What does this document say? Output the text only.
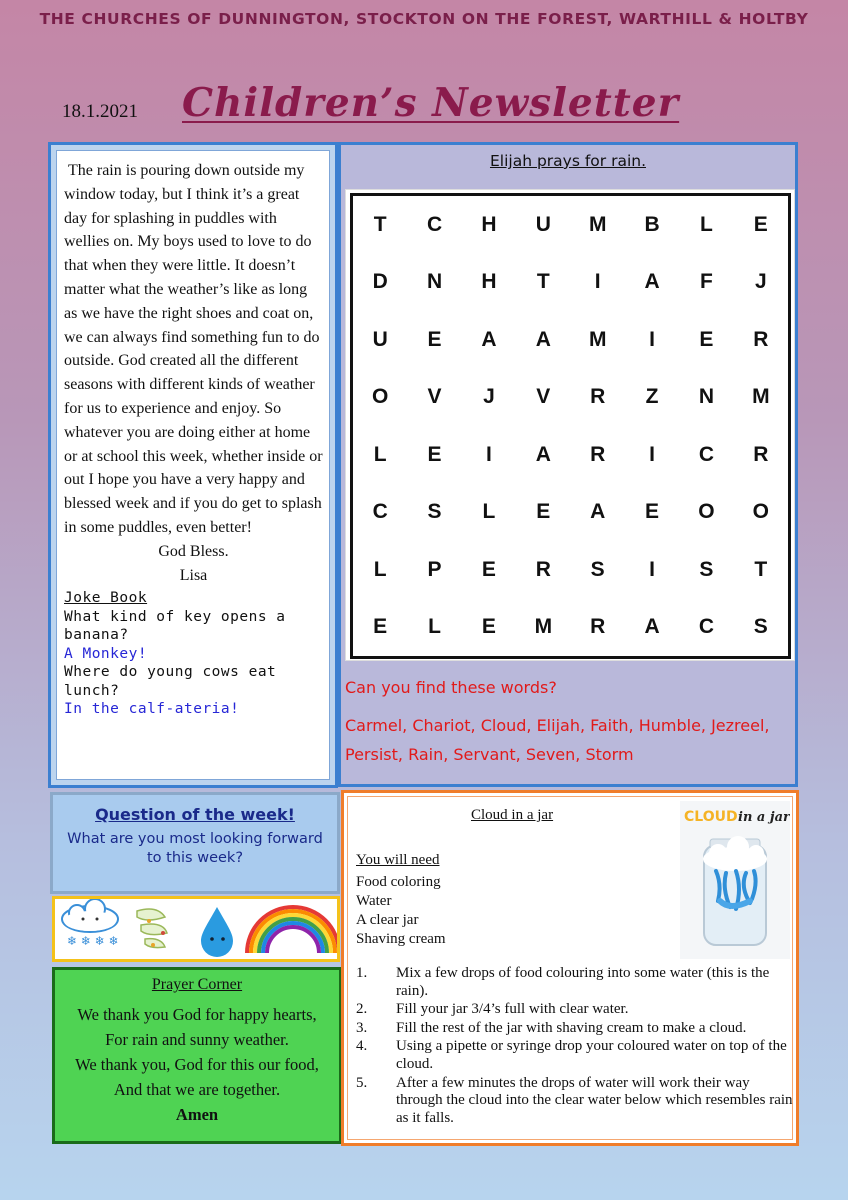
THE CHURCHES OF DUNNINGTON, STOCKTON ON THE FOREST, WARTHILL & HOLTBY
18.1.2021 Children’s Newsletter

The rain is pouring down outside my window today, but I think it’s a great day for splashing in puddles with wellies on. My boys used to love to do that when they were little. It doesn’t matter what the weather’s like as long as we have the right shoes and coat on, we can always find something fun to do outside. God created all the different seasons with different kinds of weather for us to experience and enjoy. So whatever you are doing either at home or at school this week, whether inside or out I hope you have a very happy and blessed week and if you do get to splash in some puddles, even better!

God Bless.
Lisa
Joke Book
What kind of key opens a banana?
A Monkey!
Where do young cows eat lunch?
In the calf-ateria!
Elijah prays for rain.
T	C	H	U	M	B	L	E
D	N	H	T	I	A	F	J
U	E	A	A	M	I	E	R
O	V	J	V	R	Z	N	M
L	E	I	A	R	I	C	R
C	S	L	E	A	E	O	O
L	P	E	R	S	I	S	T
E	L	E	M	R	A	C	S
Can you find these words?
Carmel, Chariot, Cloud, Elijah, Faith, Humble, Jezreel, Persist, Rain, Servant, Seven, Storm
Question of the week!
What are you most looking forward to this week?
❄ ❄ ❄ ❄
Prayer Corner
We thank you God for happy hearts,
For rain and sunny weather.
We thank you, God for this our food,
And that we are together.
Amen
Cloud in a jar
You will need
Food coloring
Water
A clear jar
Shaving cream
1.	Mix a few drops of food colouring into some water (this is the rain).
2.	Fill your jar 3/4’s full with clear water.
3.	Fill the rest of the jar with shaving cream to make a cloud.
4.	Using a pipette or syringe drop your coloured water on top of the cloud.
5.	After a few minutes the drops of water will work their way through the cloud into the clear water below which resembles rain as it falls.
CLOUD in a jar
